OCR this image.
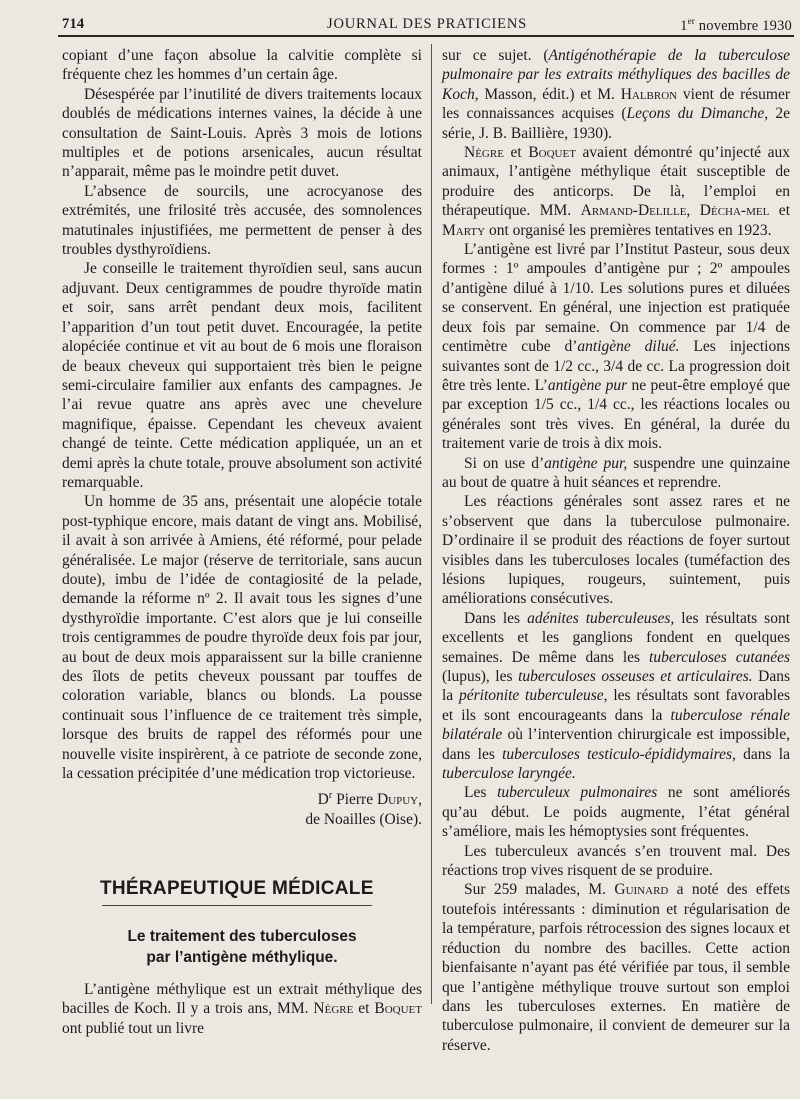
714	JOURNAL DES PRATICIENS	1er novembre 1930

copiant d’une façon absolue la calvitie complète si fréquente chez les hommes d’un certain âge.

Désespérée par l’inutilité de divers traitements locaux doublés de médications internes vaines, la décide à une consultation de Saint-Louis. Après 3 mois de lotions multiples et de potions arsenicales, aucun résultat n’apparait, même pas le moindre petit duvet.

L’absence de sourcils, une acrocyanose des extrémités, une frilosité très accusée, des somnolences matutinales injustifiées, me permettent de penser à des troubles dysthyroïdiens.

Je conseille le traitement thyroïdien seul, sans aucun adjuvant. Deux centigrammes de poudre thyroïde matin et soir, sans arrêt pendant deux mois, facilitent l’apparition d’un tout petit duvet. Encouragée, la petite alopéciée continue et vit au bout de 6 mois une floraison de beaux cheveux qui supportaient très bien le peigne semi-circulaire familier aux enfants des campagnes. Je l’ai revue quatre ans après avec une chevelure magnifique, épaisse. Cependant les cheveux avaient changé de teinte. Cette médication appliquée, un an et demi après la chute totale, prouve absolument son activité remarquable.

Un homme de 35 ans, présentait une alopécie totale post-typhique encore, mais datant de vingt ans. Mobilisé, il avait à son arrivée à Amiens, été réformé, pour pelade généralisée. Le major (réserve de territoriale, sans aucun doute), imbu de l’idée de contagiosité de la pelade, demande la réforme nº 2. Il avait tous les signes d’une dysthyroïdie importante. C’est alors que je lui conseille trois centigrammes de poudre thyroïde deux fois par jour, au bout de deux mois apparaissent sur la bille cranienne des îlots de petits cheveux poussant par touffes de coloration variable, blancs ou blonds. La pousse continuait sous l’influence de ce traitement très simple, lorsque des bruits de rappel des réformés pour une nouvelle visite inspirèrent, à ce patriote de seconde zone, la cessation précipitée d’une médication trop victorieuse.

$D^r$ Pierre Dupuy,
de Noailles (Oise).
THÉRAPEUTIQUE MÉDICALE
Le traitement des tuberculoses
par l’antigène méthylique.

L’antigène méthylique est un extrait méthylique des bacilles de Koch. Il y a trois ans, MM. Nègre et Boquet ont publié tout un livre

sur ce sujet. (Antigénothérapie de la tuberculose pulmonaire par les extraits méthyliques des bacilles de Koch, Masson, édit.) et M. Halbron vient de résumer les connaissances acquises (Leçons du Dimanche, 2e série, J. B. Baillière, 1930).

Nègre et Boquet avaient démontré qu’injecté aux animaux, l’antigène méthylique était susceptible de produire des anticorps. De là, l’emploi en thérapeutique. MM. Armand-Delille, Décha-mel et Marty ont organisé les premières tentatives en 1923.

L’antigène est livré par l’Institut Pasteur, sous deux formes : 1º ampoules d’antigène pur ; 2º ampoules d’antigène dilué à 1/10. Les solutions pures et diluées se conservent. En général, une injection est pratiquée deux fois par semaine. On commence par 1/4 de centimètre cube d’antigène dilué. Les injections suivantes sont de 1/2 cc., 3/4 de cc. La progression doit être très lente. L’antigène pur ne peut-être employé que par exception 1/5 cc., 1/4 cc., les réactions locales ou générales sont très vives. En général, la durée du traitement varie de trois à dix mois.

Si on use d’antigène pur, suspendre une quinzaine au bout de quatre à huit séances et reprendre.

Les réactions générales sont assez rares et ne s’observent que dans la tuberculose pulmonaire. D’ordinaire il se produit des réactions de foyer surtout visibles dans les tuberculoses locales (tuméfaction des lésions lupiques, rougeurs, suintement, puis améliorations consécutives.

Dans les adénites tuberculeuses, les résultats sont excellents et les ganglions fondent en quelques semaines. De même dans les tuberculoses cutanées (lupus), les tuberculoses osseuses et articulaires. Dans la péritonite tuberculeuse, les résultats sont favorables et ils sont encourageants dans la tuberculose rénale bilatérale où l’intervention chirurgicale est impossible, dans les tuberculoses testiculo-épididymaires, dans la tuberculose laryngée.

Les tuberculeux pulmonaires ne sont améliorés qu’au début. Le poids augmente, l’état général s’améliore, mais les hémoptysies sont fréquentes.

Les tuberculeux avancés s’en trouvent mal. Des réactions trop vives risquent de se produire.

Sur 259 malades, M. Guinard a noté des effets toutefois intéressants : diminution et régularisation de la température, parfois rétrocession des signes locaux et réduction du nombre des bacilles. Cette action bienfaisante n’ayant pas été vérifiée par tous, il semble que l’antigène méthylique trouve surtout son emploi dans les tuberculoses externes. En matière de tuberculose pulmonaire, il convient de demeurer sur la réserve.
